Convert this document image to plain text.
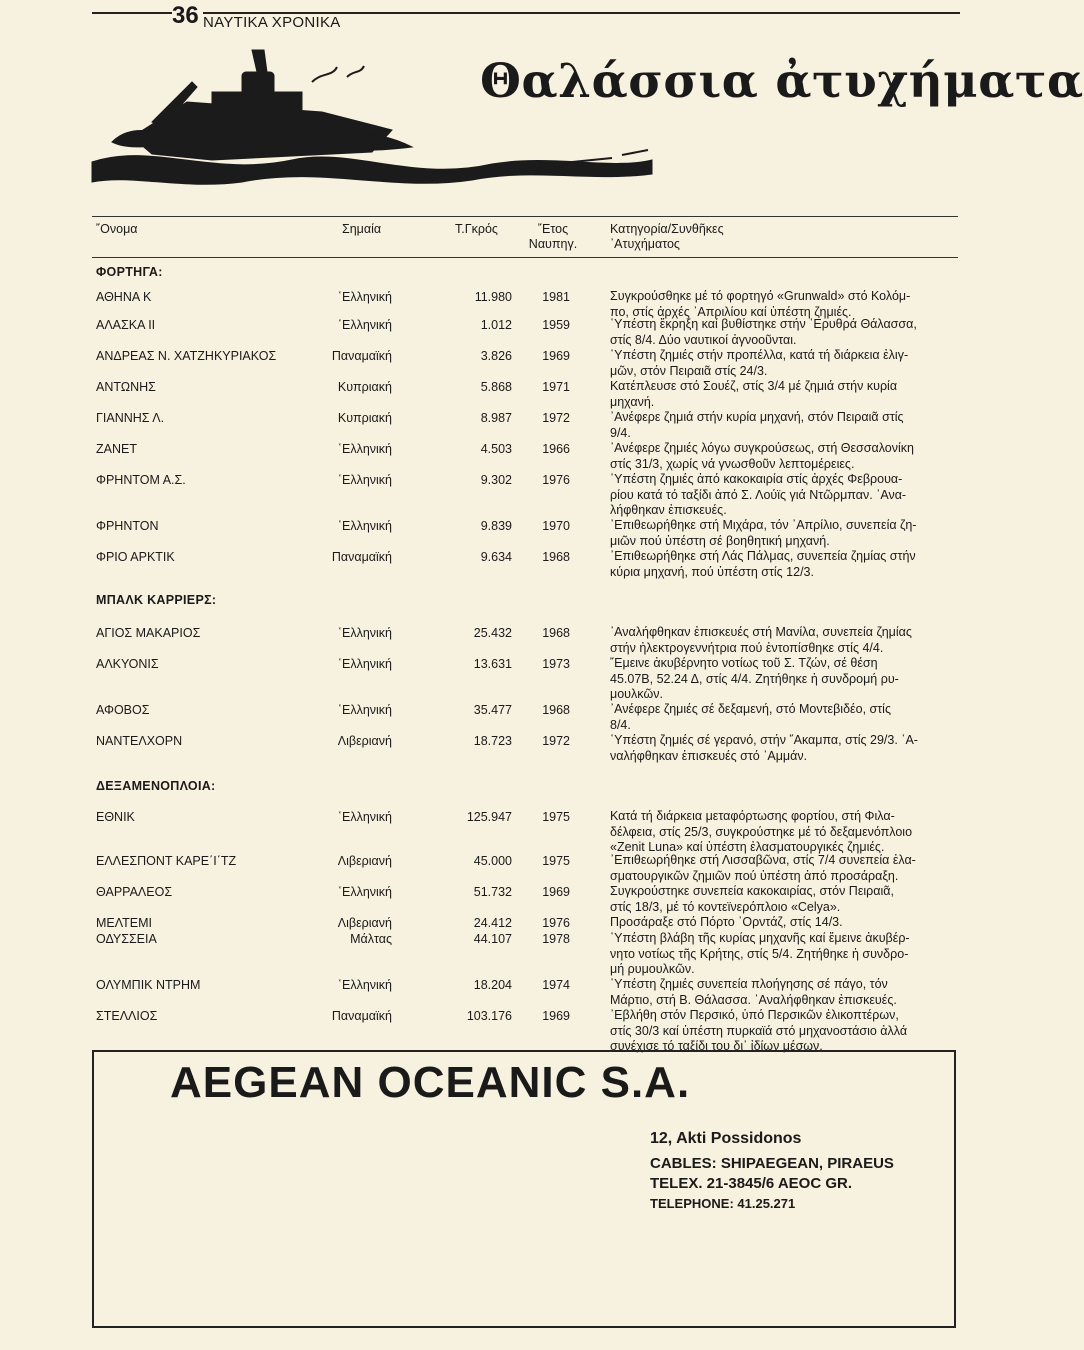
36 ΝΑΥΤΙΚΑ ΧΡΟΝΙΚΑ
Θαλάσσια ἀτυχήματα
῎Ονομα	Σημαία	Τ.Γκρός	῎Ετος
Ναυπηγ.
Κατηγορία/Συνθῆκες
᾿Ατυχήματος
ΦΟΡΤΗΓΑ:
ΜΠΑΛΚ ΚΑΡΡΙΕΡΣ:
ΔΕΞΑΜΕΝΟΠΛΟΙΑ:
ΑΘΗΝΑ Κ	῾Ελληνική	11.980	1981	Συγκρούσθηκε μέ τό φορτηγό «Grunwald» στό Κολόμ-
πο, στίς ἀρχές ᾿Απριλίου καί ὑπέστη ζημιές.
ΑΛΑΣΚΑ ΙΙ	῾Ελληνική	1.012	1959	῾Υπέστη ἔκρηξη καί βυθίστηκε στήν ᾿Ερυθρά Θάλασσα,
στίς 8/4. Δύο ναυτικοί ἀγνοοῦνται.
ΑΝΔΡΕΑΣ Ν. ΧΑΤΖΗΚΥΡΙΑΚΟΣ	Παναμαϊκή	3.826	1969	῾Υπέστη ζημιές στήν προπέλλα, κατά τή διάρκεια ἐλιγ-
μῶν, στόν Πειραιᾶ στίς 24/3.
ΑΝΤΩΝΗΣ	Κυπριακή	5.868	1971	Κατέπλευσε στό Σουέζ, στίς 3/4 μέ ζημιά στήν κυρία
μηχανή.
ΓΙΑΝΝΗΣ Λ.	Κυπριακή	8.987	1972	᾿Ανέφερε ζημιά στήν κυρία μηχανή, στόν Πειραιᾶ στίς
9/4.
ΖΑΝΕΤ	῾Ελληνική	4.503	1966	᾿Ανέφερε ζημιές λόγω συγκρούσεως, στή Θεσσαλονίκη
στίς 31/3, χωρίς νά γνωσθοῦν λεπτομέρειες.
ΦΡΗΝΤΟΜ Α.Σ.	῾Ελληνική	9.302	1976	῾Υπέστη ζημιές ἀπό κακοκαιρία στίς ἀρχές Φεβρουα-
ρίου κατά τό ταξίδι ἀπό Σ. Λούϊς γιά Ντῶρμπαν. ᾿Ανα-
λήφθηκαν ἐπισκευές.
ΦΡΗΝΤΟΝ	῾Ελληνική	9.839	1970	᾿Επιθεωρήθηκε στή Μιχάρα, τόν ᾿Απρίλιο, συνεπεία ζη-
μιῶν πού ὑπέστη σέ βοηθητική μηχανή.
ΦΡΙΟ ΑΡΚΤΙΚ	Παναμαϊκή	9.634	1968	᾿Επιθεωρήθηκε στή Λάς Πάλμας, συνεπεία ζημίας στήν
κύρια μηχανή, πού ὑπέστη στίς 12/3.
ΑΓΙΟΣ ΜΑΚΑΡΙΟΣ	῾Ελληνική	25.432	1968	᾿Αναλήφθηκαν ἐπισκευές στή Μανίλα, συνεπεία ζημίας
στήν ἠλεκτρογεννήτρια πού ἐντοπίσθηκε στίς 4/4.
ΑΛΚΥΟΝΙΣ	῾Ελληνική	13.631	1973	῎Εμεινε ἀκυβέρνητο νοτίως τοῦ Σ. Τζών, σέ θέση
45.07Β, 52.24 Δ, στίς 4/4. Ζητήθηκε ἡ συνδρομή ρυ-
μουλκῶν.
ΑΦΟΒΟΣ	῾Ελληνική	35.477	1968	᾿Ανέφερε ζημιές σέ δεξαμενή, στό Μοντεβιδέο, στίς
8/4.
ΝΑΝΤΕΛΧΟΡΝ	Λιβεριανή	18.723	1972	῾Υπέστη ζημιές σέ γερανό, στήν ῎Ακαμπα, στίς 29/3. ᾿Α-
ναλήφθηκαν ἐπισκευές στό ᾿Αμμάν.
ΕΘΝΙΚ	῾Ελληνική	125.947	1975	Κατά τή διάρκεια μεταφόρτωσης φορτίου, στή Φιλα-
δέλφεια, στίς 25/3, συγκρούστηκε μέ τό δεξαμενόπλοιο
«Zenit Luna» καί ὑπέστη ἐλασματουργικές ζημιές.
ΕΛΛΕΣΠΟΝΤ ΚΑΡΕ΄Ι΄ΤΖ	Λιβεριανή	45.000	1975	᾿Επιθεωρήθηκε στή Λισσαβῶνα, στίς 7/4 συνεπεία ἐλα-
σματουργικῶν ζημιῶν πού ὑπέστη ἀπό προσάραξη.
ΘΑΡΡΑΛΕΟΣ	῾Ελληνική	51.732	1969	Συγκρούστηκε συνεπεία κακοκαιρίας, στόν Πειραιᾶ,
στίς 18/3, μέ τό κοντεϊνερόπλοιο «Celya».
ΜΕΛΤΕΜΙ	Λιβεριανή	24.412	1976	Προσάραξε στό Πόρτο ᾿Ορντάζ, στίς 14/3.
ΟΔΥΣΣΕΙΑ	Μάλτας	44.107	1978	῾Υπέστη βλάβη τῆς κυρίας μηχανῆς καί ἔμεινε ἀκυβέρ-
νητο νοτίως τῆς Κρήτης, στίς 5/4. Ζητήθηκε ἡ συνδρο-
μή ρυμουλκῶν.
ΟΛΥΜΠΙΚ ΝΤΡΗΜ	῾Ελληνική	18.204	1974	῾Υπέστη ζημιές συνεπεία πλοήγησης σέ πάγο, τόν
Μάρτιο, στή Β. Θάλασσα. ᾿Αναλήφθηκαν ἐπισκευές.
ΣΤΕΛΛΙΟΣ	Παναμαϊκή	103.176	1969	᾿Εβλήθη στόν Περσικό, ὑπό Περσικῶν ἑλικοπτέρων,
στίς 30/3 καί ὑπέστη πυρκαϊά στό μηχανοστάσιο ἀλλά
συνέχισε τό ταξίδι του δι᾿ ἰδίων μέσων.
AEGEAN OCEANIC S.A.
12, Akti Possidonos
CABLES: SHIPAEGEAN, PIRAEUS
TELEX. 21-3845/6 AEOC GR.
TELEPHONE: 41.25.271
